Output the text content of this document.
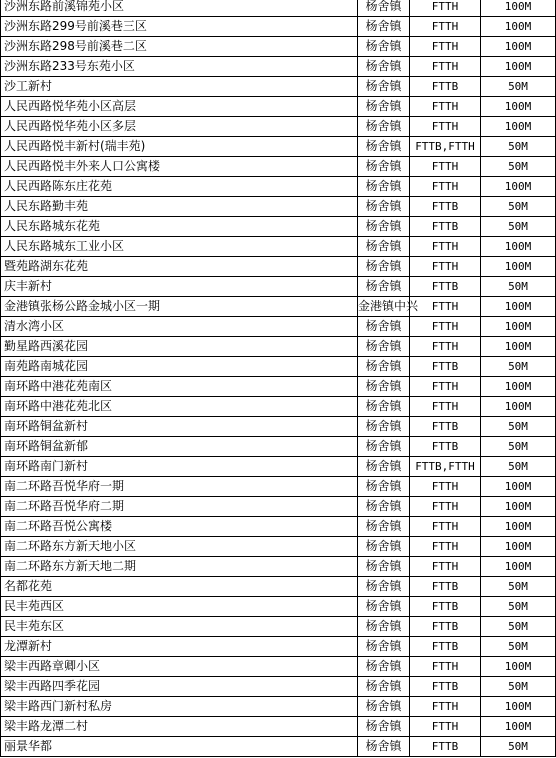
沙洲东路前溪锦苑小区	杨舍镇	FTTH	100M
沙洲东路299号前溪巷三区	杨舍镇	FTTH	100M
沙洲东路298号前溪巷二区	杨舍镇	FTTH	100M
沙洲东路233号东苑小区	杨舍镇	FTTH	100M
沙工新村	杨舍镇	FTTB	50M
人民西路悦华苑小区高层	杨舍镇	FTTH	100M
人民西路悦华苑小区多层	杨舍镇	FTTH	100M
人民西路悦丰新村(瑞丰苑)	杨舍镇	FTTB,FTTH	50M
人民西路悦丰外来人口公寓楼	杨舍镇	FTTH	50M
人民西路陈东庄花苑	杨舍镇	FTTH	100M
人民东路勤丰苑	杨舍镇	FTTB	50M
人民东路城东花苑	杨舍镇	FTTB	50M
人民东路城东工业小区	杨舍镇	FTTH	100M
暨苑路湖东花苑	杨舍镇	FTTH	100M
庆丰新村	杨舍镇	FTTB	50M
金港镇张杨公路金城小区一期	金港镇中兴	FTTH	100M
清水湾小区	杨舍镇	FTTH	100M
勤星路西溪花园	杨舍镇	FTTH	100M
南苑路南城花园	杨舍镇	FTTB	50M
南环路中港花苑南区	杨舍镇	FTTH	100M
南环路中港花苑北区	杨舍镇	FTTH	100M
南环路铜盆新村	杨舍镇	FTTB	50M
南环路铜盆新郁	杨舍镇	FTTB	50M
南环路南门新村	杨舍镇	FTTB,FTTH	50M
南二环路吾悦华府一期	杨舍镇	FTTH	100M
南二环路吾悦华府二期	杨舍镇	FTTH	100M
南二环路吾悦公寓楼	杨舍镇	FTTH	100M
南二环路东方新天地小区	杨舍镇	FTTH	100M
南二环路东方新天地二期	杨舍镇	FTTH	100M
名都花苑	杨舍镇	FTTB	50M
民丰苑西区	杨舍镇	FTTB	50M
民丰苑东区	杨舍镇	FTTB	50M
龙潭新村	杨舍镇	FTTB	50M
梁丰西路章卿小区	杨舍镇	FTTH	100M
梁丰西路四季花园	杨舍镇	FTTB	50M
梁丰路西门新村私房	杨舍镇	FTTH	100M
梁丰路龙潭二村	杨舍镇	FTTH	100M
丽景华都	杨舍镇	FTTB	50M
